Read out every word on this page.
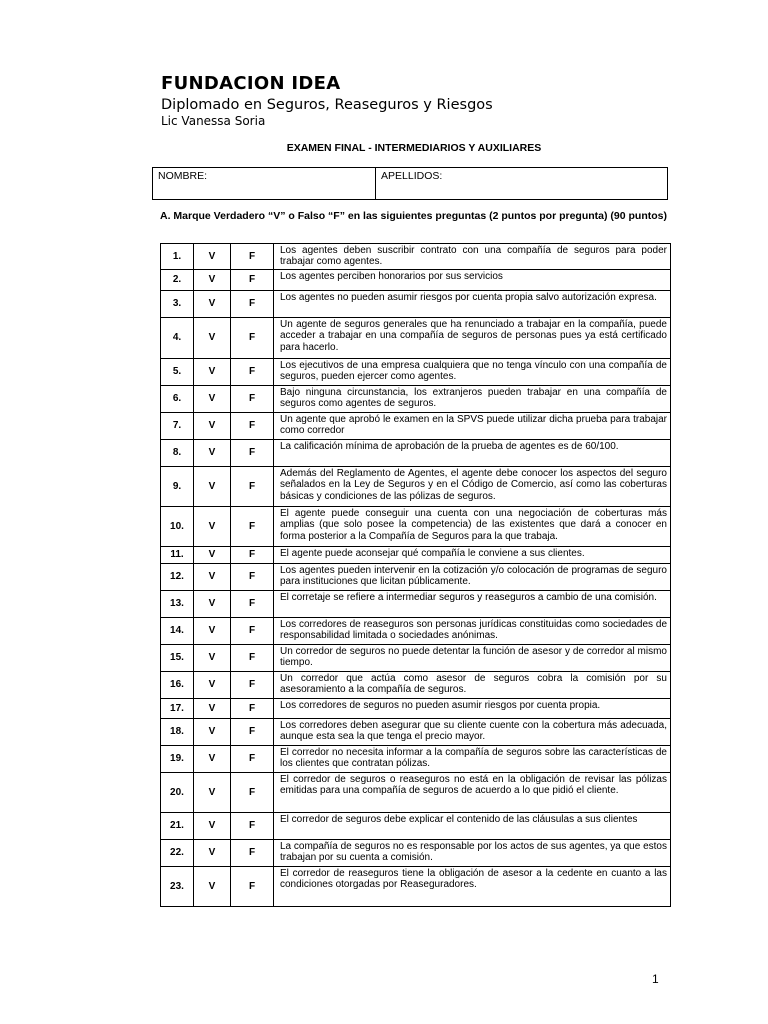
FUNDACION IDEA
Diplomado en Seguros, Reaseguros y Riesgos
Lic Vanessa Soria
EXAMEN FINAL - INTERMEDIARIOS Y AUXILIARES
NOMBRE:	APELLIDOS:
A. Marque Verdadero “V” o Falso “F” en las siguientes preguntas (2 puntos por pregunta) (90 puntos)
1.	V	F	Los agentes deben suscribir contrato con una compañía de seguros para poder trabajar como agentes.
2.	V	F	Los agentes perciben honorarios por sus servicios
3.	V	F	Los agentes no pueden asumir riesgos por cuenta propia salvo autorización expresa.
4.	V	F	Un agente de seguros generales que ha renunciado a trabajar en la compañía, puede acceder a trabajar en una compañía de seguros de personas pues ya está certificado para hacerlo.
5.	V	F	Los ejecutivos de una empresa cualquiera que no tenga vínculo con una compañía de seguros, pueden ejercer como agentes.
6.	V	F	Bajo ninguna circunstancia, los extranjeros pueden trabajar en una compañía de seguros como agentes de seguros.
7.	V	F	Un agente que aprobó le examen en la SPVS puede utilizar dicha prueba para trabajar como corredor
8.	V	F	La calificación mínima de aprobación de la prueba de agentes es de 60/100.
9.	V	F	Además del Reglamento de Agentes, el agente debe conocer los aspectos del seguro señalados en la Ley de Seguros y en el Código de Comercio, así como las coberturas básicas y condiciones de las pólizas de seguros.
10.	V	F	El agente puede conseguir una cuenta con una negociación de coberturas más amplias (que solo posee la competencia) de las existentes que dará a conocer en forma posterior a la Compañía de Seguros para la que trabaja.
11.	V	F	El agente puede aconsejar qué compañía le conviene a sus clientes.
12.	V	F	Los agentes pueden intervenir en la cotización y/o colocación de programas de seguro para instituciones que licitan públicamente.
13.	V	F	El corretaje se refiere a intermediar seguros y reaseguros a cambio de una comisión.
14.	V	F	Los corredores de reaseguros son personas jurídicas constituidas como sociedades de responsabilidad limitada o sociedades anónimas.
15.	V	F	Un corredor de seguros no puede detentar la función de asesor y de corredor al mismo tiempo.
16.	V	F	Un corredor que actúa como asesor de seguros cobra la comisión por su asesoramiento a la compañía de seguros.
17.	V	F	Los corredores de seguros no pueden asumir riesgos por cuenta propia.
18.	V	F	Los corredores deben asegurar que su cliente cuente con la cobertura más adecuada, aunque esta sea la que tenga el precio mayor.
19.	V	F	El corredor no necesita informar a la compañía de seguros sobre las características de los clientes que contratan pólizas.
20.	V	F	El corredor de seguros o reaseguros no está en la obligación de revisar las pólizas emitidas para una compañía de seguros de acuerdo a lo que pidió el cliente.
21.	V	F	El corredor de seguros debe explicar el contenido de las cláusulas a sus clientes
22.	V	F	La compañía de seguros no es responsable por los actos de sus agentes, ya que estos trabajan por su cuenta a comisión.
23.	V	F	El corredor de reaseguros tiene la obligación de asesor a la cedente en cuanto a las condiciones otorgadas por Reaseguradores.
1
